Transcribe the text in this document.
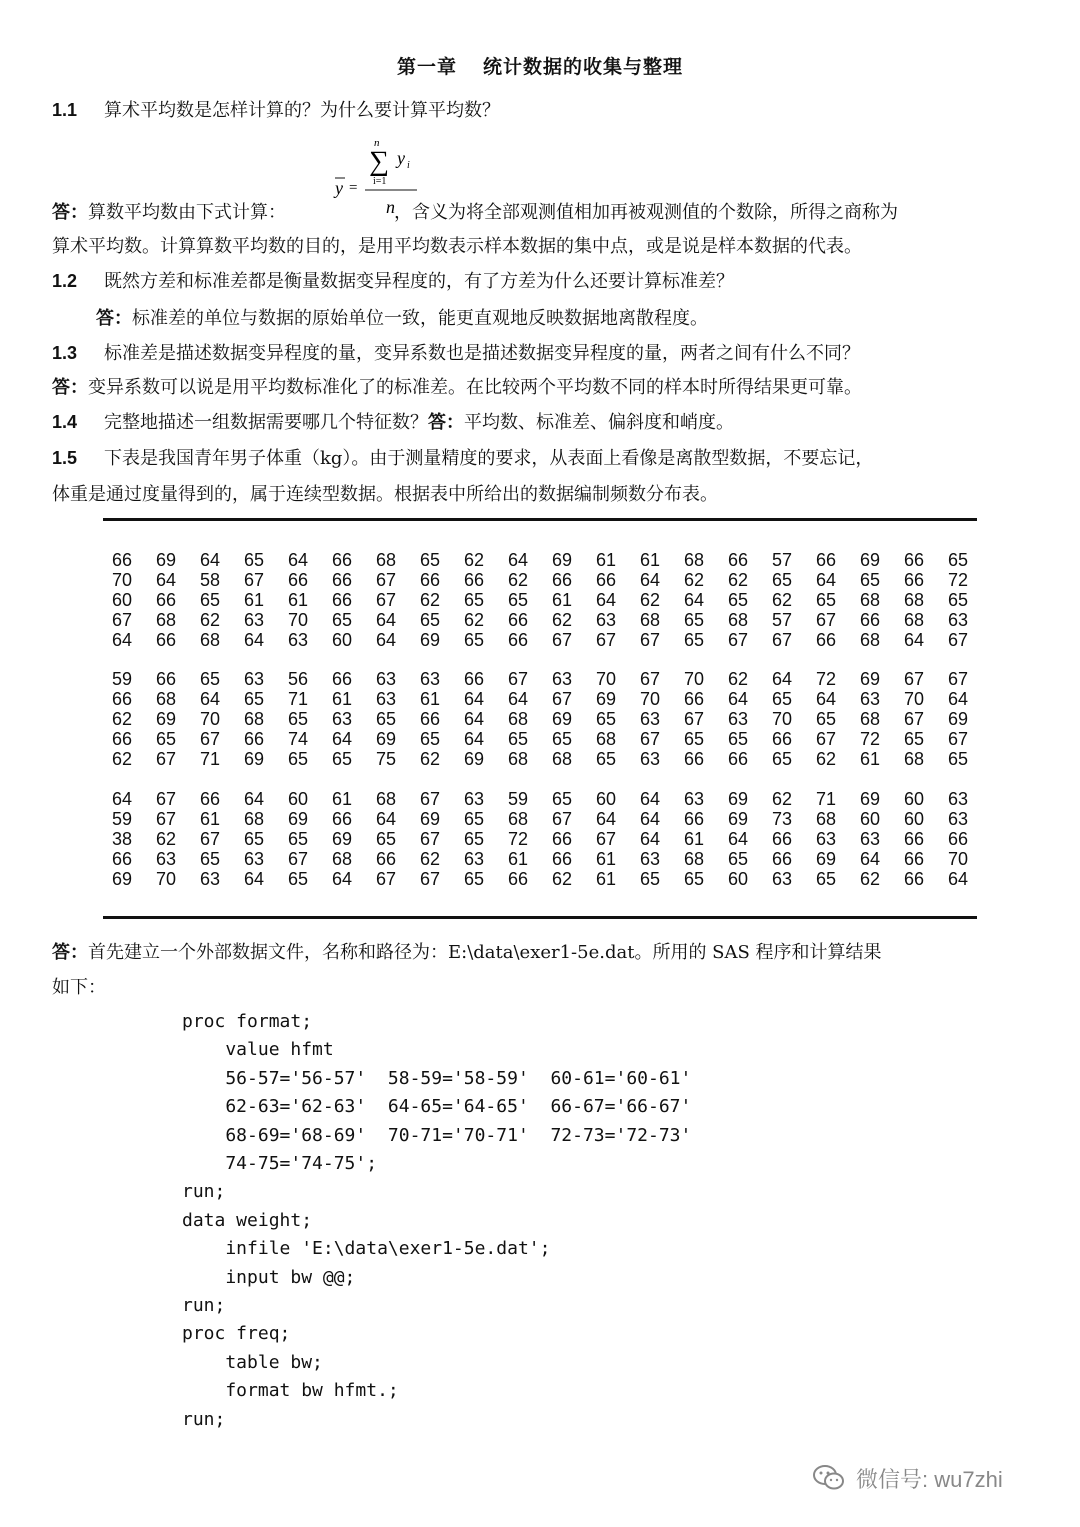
第一章 统计数据的收集与整理
1.1 算术平均数是怎样计算的？为什么要计算平均数？
n
∑ y i
i=1
y =
n
答：算数平均数由下式计算：	，含义为将全部观测值相加再被观测值的个数除，所得之商称为
算术平均数。计算算数平均数的目的，是用平均数表示样本数据的集中点，或是说是样本数据的代表。
1.2 既然方差和标准差都是衡量数据变异程度的，有了方差为什么还要计算标准差？
答：标准差的单位与数据的原始单位一致，能更直观地反映数据地离散程度。
1.3 标准差是描述数据变异程度的量，变异系数也是描述数据变异程度的量，两者之间有什么不同？
答：变异系数可以说是用平均数标准化了的标准差。在比较两个平均数不同的样本时所得结果更可靠。
1.4 完整地描述一组数据需要哪几个特征数？答：平均数、标准差、偏斜度和峭度。
1.5 下表是我国青年男子体重（kg）。由于测量精度的要求，从表面上看像是离散型数据，不要忘记，
体重是通过度量得到的，属于连续型数据。根据表中所给出的数据编制频数分布表。
66	69	64	65	64	66	68	65	62	64	69	61	61	68	66	57	66	69	66	65
70	64	58	67	66	66	67	66	66	62	66	66	64	62	62	65	64	65	66	72
60	66	65	61	61	66	67	62	65	65	61	64	62	64	65	62	65	68	68	65
67	68	62	63	70	65	64	65	62	66	62	63	68	65	68	57	67	66	68	63
64	66	68	64	63	60	64	69	65	66	67	67	67	65	67	67	66	68	64	67
59	66	65	63	56	66	63	63	66	67	63	70	67	70	62	64	72	69	67	67
66	68	64	65	71	61	63	61	64	64	67	69	70	66	64	65	64	63	70	64
62	69	70	68	65	63	65	66	64	68	69	65	63	67	63	70	65	68	67	69
66	65	67	66	74	64	69	65	64	65	65	68	67	65	65	66	67	72	65	67
62	67	71	69	65	65	75	62	69	68	68	65	63	66	66	65	62	61	68	65
64	67	66	64	60	61	68	67	63	59	65	60	64	63	69	62	71	69	60	63
59	67	61	68	69	66	64	69	65	68	67	64	64	66	69	73	68	60	60	63
38	62	67	65	65	69	65	67	65	72	66	67	64	61	64	66	63	63	66	66
66	63	65	63	67	68	66	62	63	61	66	61	63	68	65	66	69	64	66	70
69	70	63	64	65	64	67	67	65	66	62	61	65	65	60	63	65	62	66	64
答：首先建立一个外部数据文件，名称和路径为：E:\data\exer1-5e.dat。所用的 SAS 程序和计算结果
如下：
proc format;
value hfmt
56-57='56-57'  58-59='58-59'  60-61='60-61'
62-63='62-63'  64-65='64-65'  66-67='66-67'
68-69='68-69'  70-71='70-71'  72-73='72-73'
74-75='74-75';
run;
data weight;
infile 'E:\data\exer1-5e.dat';
input bw @@;
run;
proc freq;
table bw;
format bw hfmt.;
run;
微信号: wu7zhi
